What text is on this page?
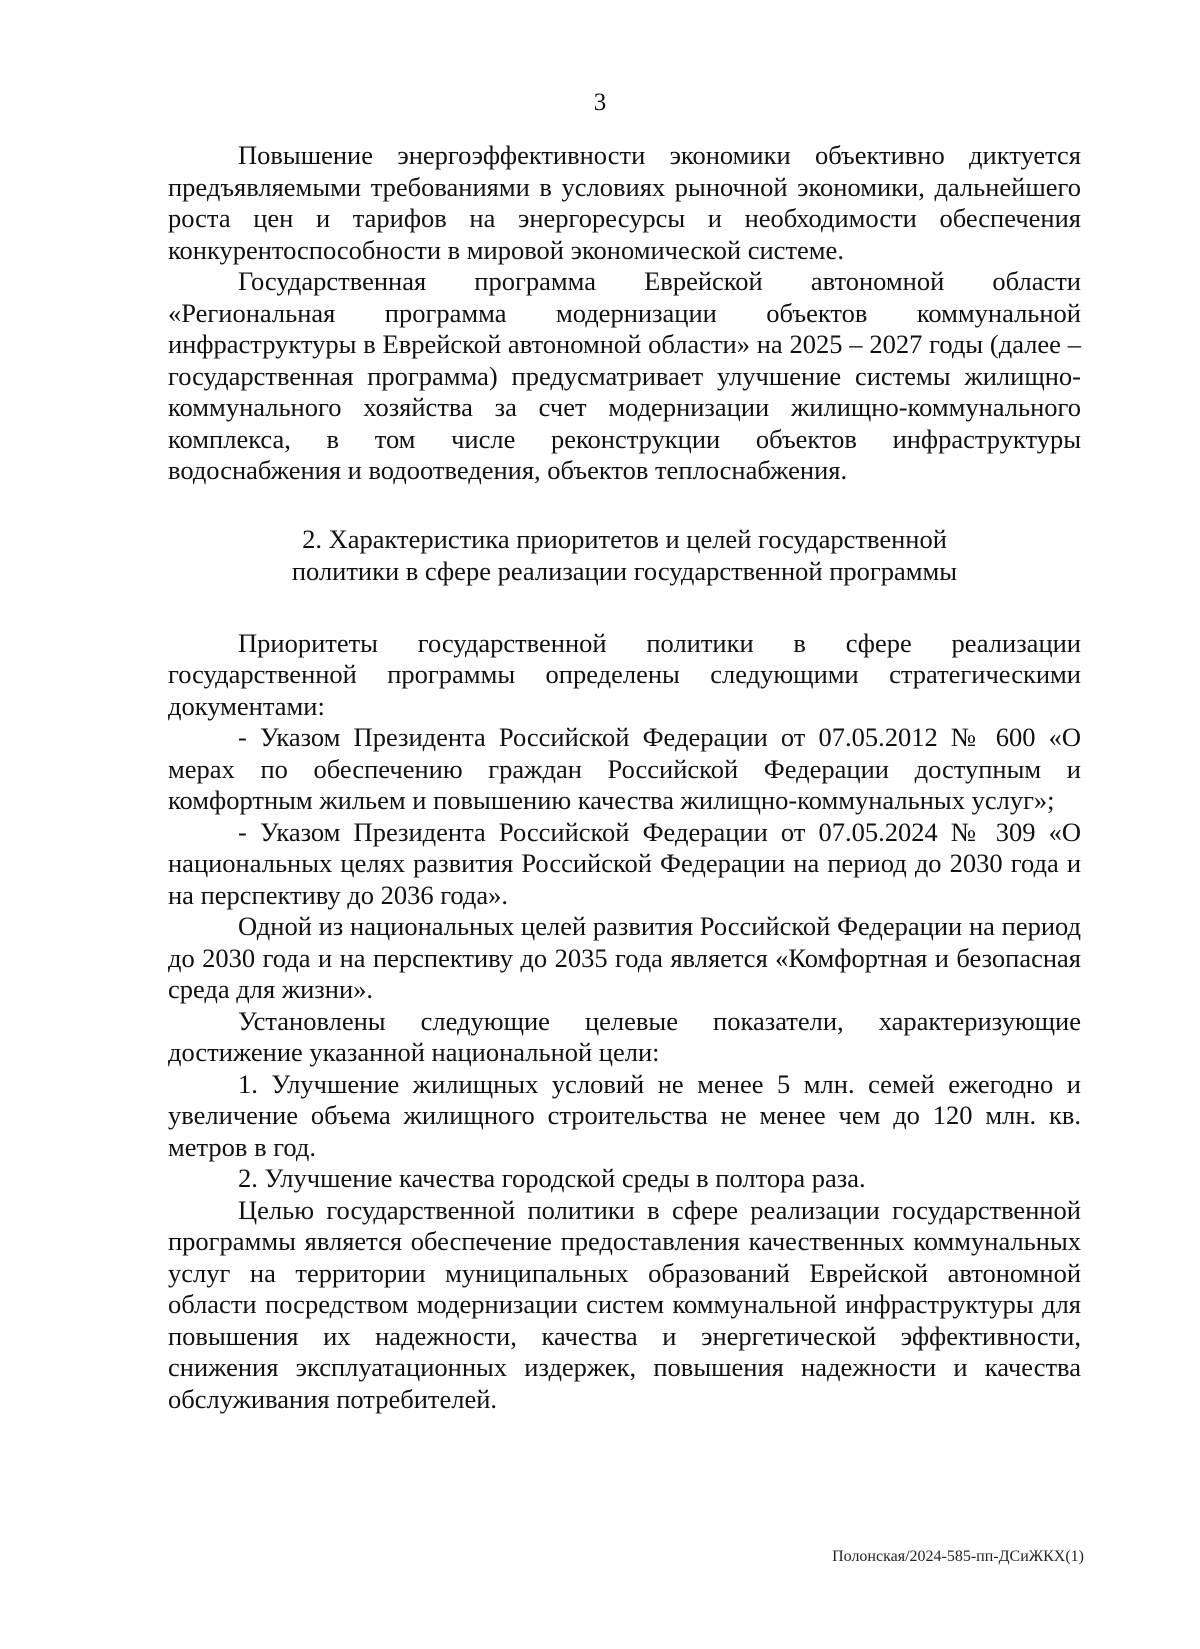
3

Повышение энергоэффективности экономики объективно диктуется предъявляемыми требованиями в условиях рыночной экономики, дальнейшего роста цен и тарифов на энергоресурсы и необходимости обеспечения конкурентоспособности в мировой экономической системе.

Государственная программа Еврейской автономной области «Региональная программа модернизации объектов коммунальной инфраструктуры в Еврейской автономной области» на 2025 – 2027 годы (далее – государственная программа) предусматривает улучшение системы жилищно-коммунального хозяйства за счет модернизации жилищно-коммунального комплекса, в том числе реконструкции объектов инфраструктуры водоснабжения и водоотведения, объектов теплоснабжения.

2. Характеристика приоритетов и целей государственной
политики в сфере реализации государственной программы

Приоритеты государственной политики в сфере реализации государственной программы определены следующими стратегическими документами:

- Указом Президента Российской Федерации от 07.05.2012 № 600 «О мерах по обеспечению граждан Российской Федерации доступным и комфортным жильем и повышению качества жилищно-коммунальных услуг»;

- Указом Президента Российской Федерации от 07.05.2024 № 309 «О национальных целях развития Российской Федерации на период до 2030 года и на перспективу до 2036 года».

Одной из национальных целей развития Российской Федерации на период до 2030 года и на перспективу до 2035 года является «Комфортная и безопасная среда для жизни».

Установлены следующие целевые показатели, характеризующие достижение указанной национальной цели:

1. Улучшение жилищных условий не менее 5 млн. семей ежегодно и увеличение объема жилищного строительства не менее чем до 120 млн. кв. метров в год.

2. Улучшение качества городской среды в полтора раза.

Целью государственной политики в сфере реализации государственной программы является обеспечение предоставления качественных коммунальных услуг на территории муниципальных образований Еврейской автономной области посредством модернизации систем коммунальной инфраструктуры для повышения их надежности, качества и энергетической эффективности, снижения эксплуатационных издержек, повышения надежности и качества обслуживания потребителей.

Полонская/2024-585-пп-ДСиЖКХ(1)
